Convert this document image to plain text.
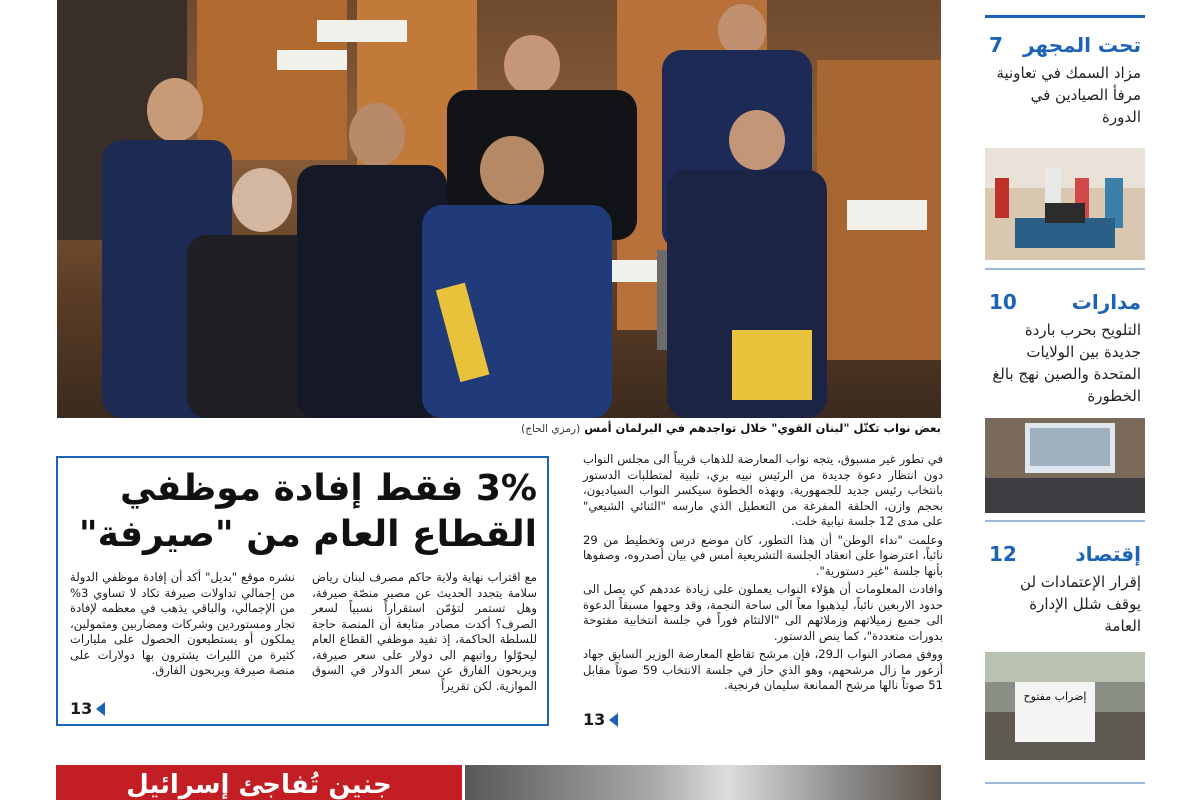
بعض نواب تكتّل "لبنان القوي" خلال تواجدهم في البرلمان أمس (رمزي الحاج)

في تطور غير مسبوق، يتجه نواب المعارضة للذهاب قريباً الى مجلس النواب دون انتظار دعوة جديدة من الرئيس نبيه بري، تلبية لمتطلبات الدستور بانتخاب رئيس جديد للجمهورية. وبهذه الخطوة سيكسر النواب السياديون، بحجم وازن، الحلقة المفرغة من التعطيل الذي مارسه "الثنائي الشيعي" على مدى 12 جلسة نيابية خلت.

وعلمت "نداء الوطن" أن هذا التطور، كان موضع درس وتخطيط من 29 نائباً، اعترضوا على انعقاد الجلسة التشريعية أمس في بيان أصدروه، وصفوها بأنها جلسة "غير دستورية".

وافادت المعلومات أن هؤلاء النواب يعملون على زيادة عددهم كي يصل الى حدود الاربعين نائباً، ليذهبوا معاً الى ساحة النجمة، وقد وجهوا مسبقاً الدعوة الى جميع زميلاتهم وزملائهم الى "الالتئام فوراً في جلسة انتخابية مفتوحة بدورات متعددة"، كما ينص الدستور.

ووفق مصادر النواب الـ29، فإن مرشح تقاطع المعارضة الوزير السابق جهاد أزعور ما زال مرشحهم، وهو الذي حاز في جلسة الانتخاب 59 صوتاً مقابل 51 صوتاً نالها مرشح الممانعة سليمان فرنجية.

13
3% فقط إفادة موظفي القطاع العام من "صيرفة"
مع اقتراب نهاية ولاية حاكم مصرف لبنان رياض سلامة يتجدد الحديث عن مصير منصّة صيرفة، وهل تستمر لتؤمّن استقراراً نسبياً لسعر الصرف؟ أكدت مصادر متابعة أن المنصة حاجة للسلطة الحاكمة، إذ تفيد موظفي القطاع العام ليحوّلوا رواتبهم الى دولار على سعر صيرفة، ويربحون الفارق عن سعر الدولار في السوق الموازية. لكن تقريراً
نشره موقع "بديل" أكد أن إفادة موظفي الدولة من إجمالي تداولات صيرفة تكاد لا تساوي 3% من الإجمالي، والباقي يذهب في معظمه لإفادة تجار ومستوردين وشركات ومضاربين ومتمولين، يملكون أو يستطيعون الحصول على مليارات كثيرة من الليرات يشترون بها دولارات على منصة صيرفة ويربحون الفارق.
13
جنين تُفاجئ إسرائيل
تحت المجهر
7
مزاد السمك في تعاونية مرفأ الصيادين في الدورة
مدارات
10
التلويح بحرب باردة جديدة بين الولايات المتحدة والصين نهج بالغ الخطورة
إقتصاد
12
إقرار الإعتمادات لن يوقف شلل الإدارة العامة
إضراب مفتوح
